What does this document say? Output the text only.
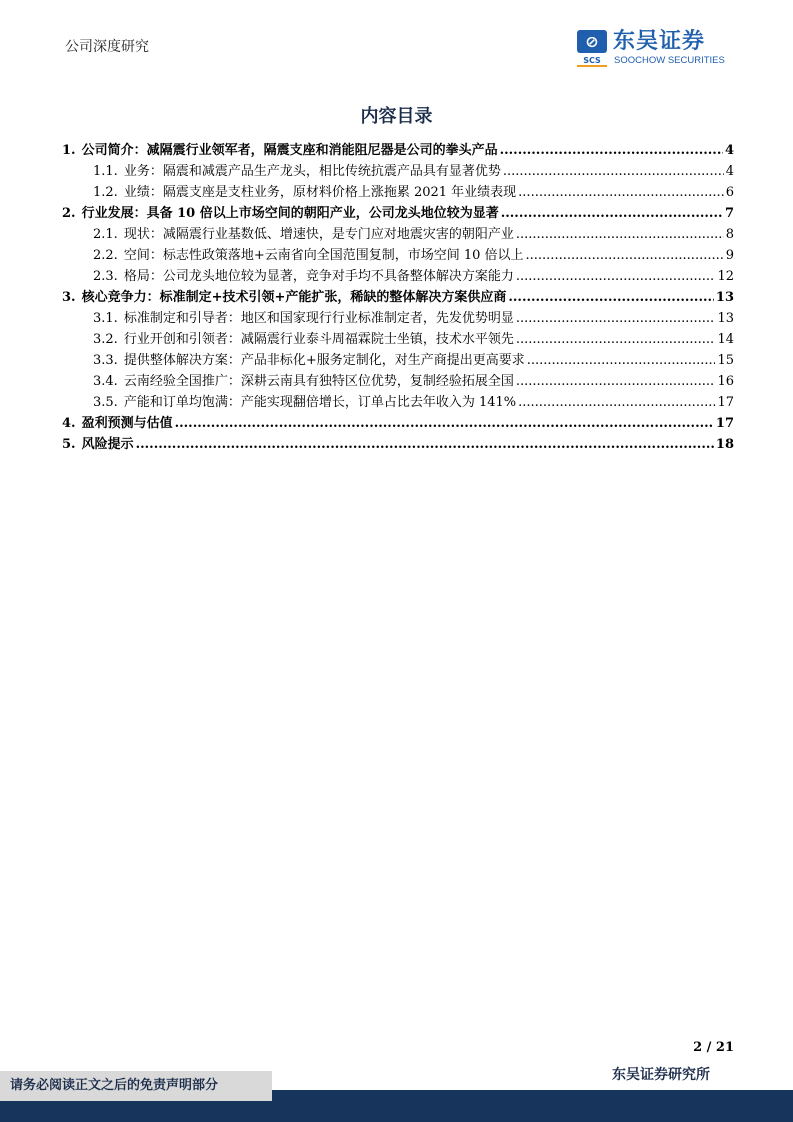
公司深度研究	⊘
SCS
东吴证券
SOOCHOW SECURITIES
内容目录
1. 公司简介：减隔震行业领军者，隔震支座和消能阻尼器是公司的拳头产品 .....	4
1.1. 业务：隔震和减震产品生产龙头，相比传统抗震产品具有显著优势 .....	4
1.2. 业绩：隔震支座是支柱业务，原材料价格上涨拖累 2021 年业绩表现 .....	6
2. 行业发展：具备 10 倍以上市场空间的朝阳产业，公司龙头地位较为显著 .....	7
2.1. 现状：减隔震行业基数低、增速快，是专门应对地震灾害的朝阳产业 .....	8
2.2. 空间：标志性政策落地+云南省向全国范围复制，市场空间 10 倍以上 .....	9
2.3. 格局：公司龙头地位较为显著，竞争对手均不具备整体解决方案能力 .....	12
3. 核心竞争力：标准制定+技术引领+产能扩张，稀缺的整体解决方案供应商 .....	13
3.1. 标准制定和引导者：地区和国家现行行业标准制定者，先发优势明显 .....	13
3.2. 行业开创和引领者：减隔震行业泰斗周福霖院士坐镇，技术水平领先 .....	14
3.3. 提供整体解决方案：产品非标化+服务定制化，对生产商提出更高要求 .....	15
3.4. 云南经验全国推广：深耕云南具有独特区位优势，复制经验拓展全国 .....	16
3.5. 产能和订单均饱满：产能实现翻倍增长，订单占比去年收入为 141% .....	17
4. 盈利预测与估值 .....	17
5. 风险提示 .....	18
2 / 21
东吴证券研究所
请务必阅读正文之后的免责声明部分
